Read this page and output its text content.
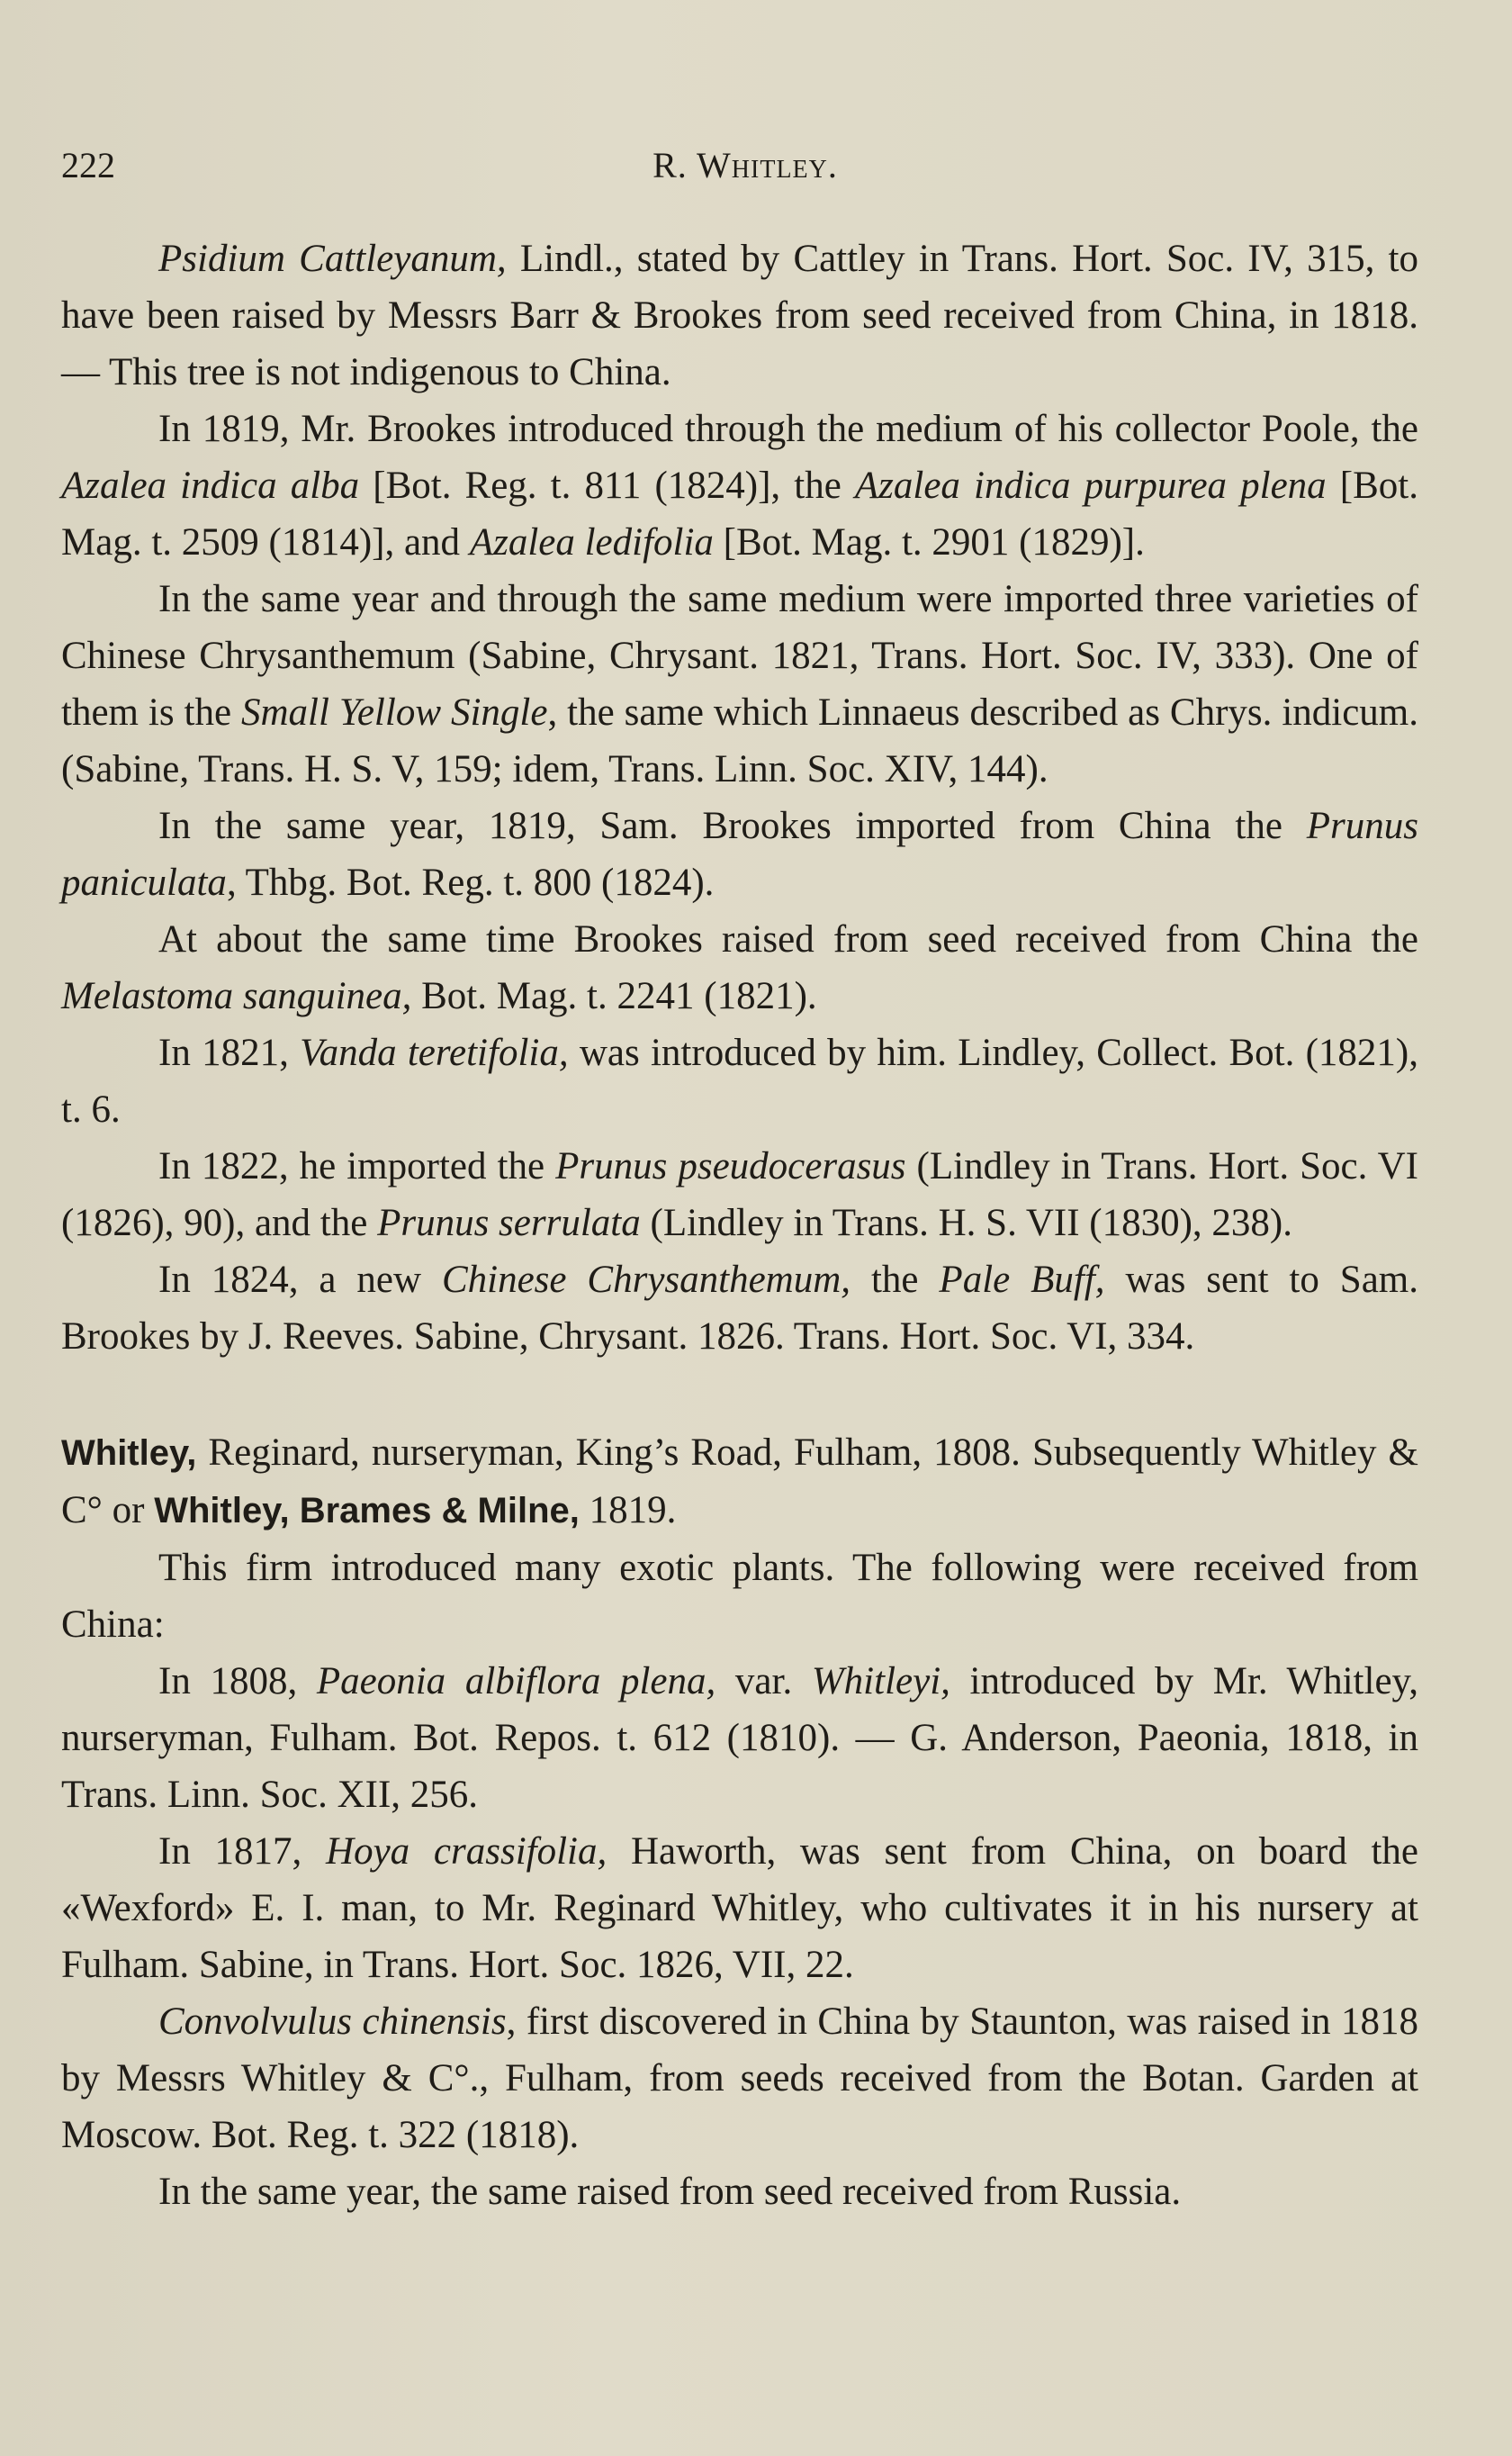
222	R. Whitley.

Psidium Cattleyanum, Lindl., stated by Cattley in Trans. Hort. Soc. IV, 315, to have been raised by Messrs Barr & Brookes from seed received from China, in 1818. — This tree is not indigenous to China.

In 1819, Mr. Brookes introduced through the medium of his collector Poole, the Azalea indica alba [Bot. Reg. t. 811 (1824)], the Azalea indica purpurea plena [Bot. Mag. t. 2509 (1814)], and Azalea ledifolia [Bot. Mag. t. 2901 (1829)].

In the same year and through the same medium were imported three varieties of Chinese Chrysanthemum (Sabine, Chrysant. 1821, Trans. Hort. Soc. IV, 333). One of them is the Small Yellow Single, the same which Linnaeus described as Chrys. indicum. (Sabine, Trans. H. S. V, 159; idem, Trans. Linn. Soc. XIV, 144).

In the same year, 1819, Sam. Brookes imported from China the Prunus paniculata, Thbg. Bot. Reg. t. 800 (1824).

At about the same time Brookes raised from seed received from China the Melastoma sanguinea, Bot. Mag. t. 2241 (1821).

In 1821, Vanda teretifolia, was introduced by him. Lindley, Collect. Bot. (1821), t. 6.

In 1822, he imported the Prunus pseudocerasus (Lindley in Trans. Hort. Soc. VI (1826), 90), and the Prunus serrulata (Lindley in Trans. H. S. VII (1830), 238).

In 1824, a new Chinese Chrysanthemum, the Pale Buff, was sent to Sam. Brookes by J. Reeves. Sabine, Chrysant. 1826. Trans. Hort. Soc. VI, 334.

Whitley, Reginard, nurseryman, King’s Road, Fulham, 1808. Subsequently Whitley & C° or Whitley, Brames & Milne, 1819.

This firm introduced many exotic plants. The following were received from China:

In 1808, Paeonia albiflora plena, var. Whitleyi, introduced by Mr. Whitley, nurseryman, Fulham. Bot. Repos. t. 612 (1810). — G. Anderson, Paeonia, 1818, in Trans. Linn. Soc. XII, 256.

In 1817, Hoya crassifolia, Haworth, was sent from China, on board the «Wexford» E. I. man, to Mr. Reginard Whitley, who cultivates it in his nursery at Fulham. Sabine, in Trans. Hort. Soc. 1826, VII, 22.

Convolvulus chinensis, first discovered in China by Staunton, was raised in 1818 by Messrs Whitley & C°., Fulham, from seeds received from the Botan. Garden at Moscow. Bot. Reg. t. 322 (1818).

In the same year, the same raised from seed received from Russia.
